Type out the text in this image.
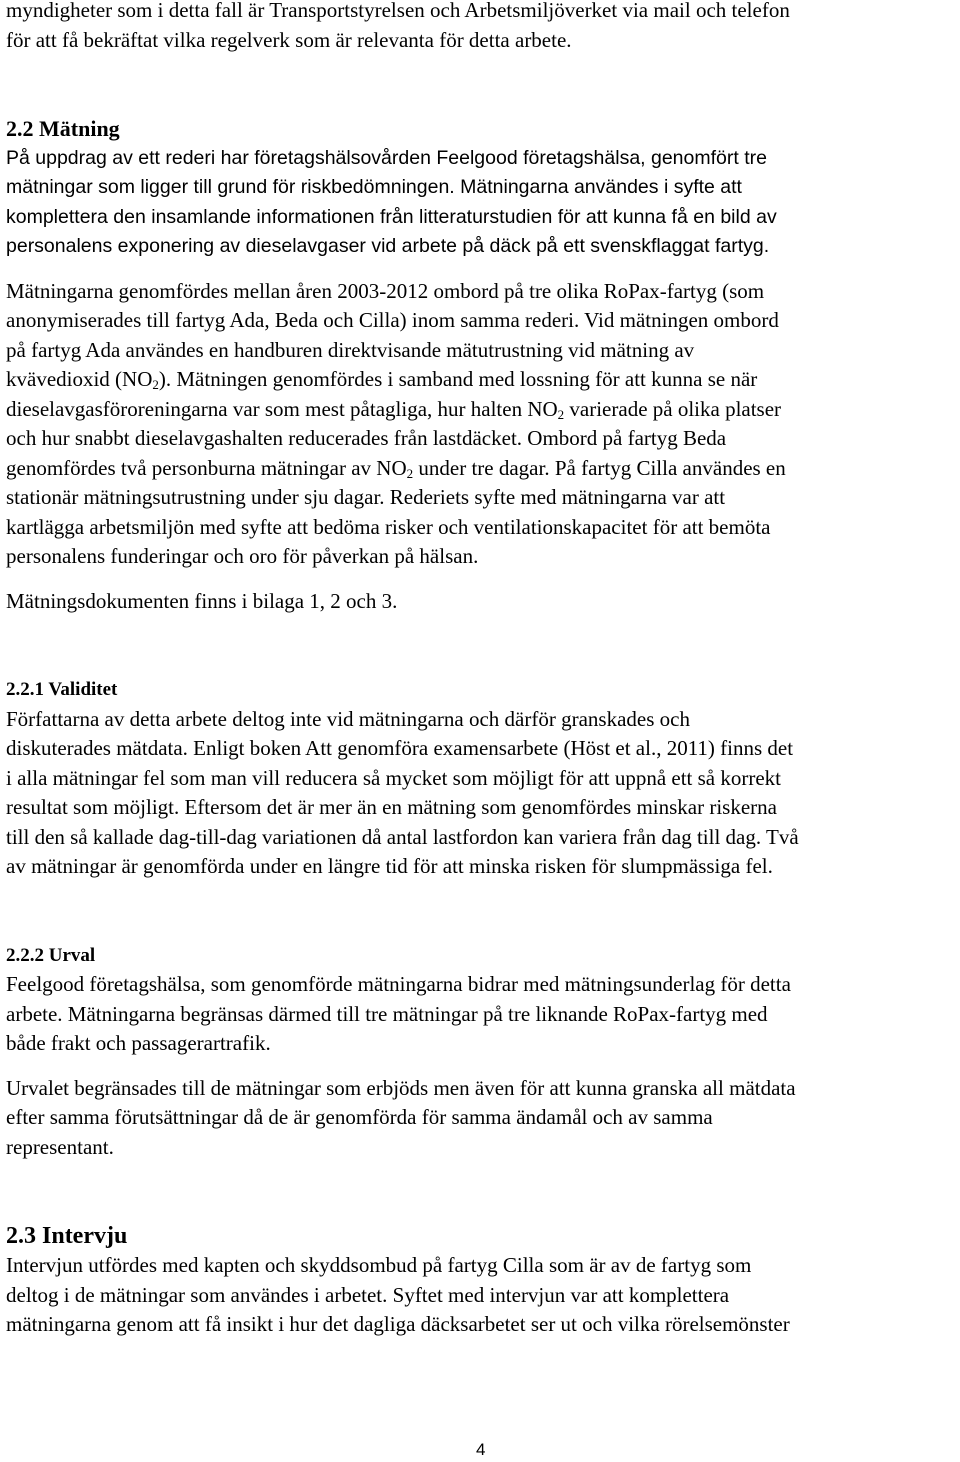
myndigheter som i detta fall är Transportstyrelsen och Arbetsmiljöverket via mail och telefon
för att få bekräftat vilka regelverk som är relevanta för detta arbete.
2.2 Mätning
På uppdrag av ett rederi har företagshälsovården Feelgood företagshälsa, genomfört tre
mätningar som ligger till grund för riskbedömningen. Mätningarna användes i syfte att
komplettera den insamlande informationen från litteraturstudien för att kunna få en bild av
personalens exponering av dieselavgaser vid arbete på däck på ett svenskflaggat fartyg.
Mätningarna genomfördes mellan åren 2003-2012 ombord på tre olika RoPax-fartyg (som
anonymiserades till fartyg Ada, Beda och Cilla) inom samma rederi. Vid mätningen ombord
på fartyg Ada användes en handburen direktvisande mätutrustning vid mätning av
kvävedioxid $(NO_2)$. Mätningen genomfördes i samband med lossning för att kunna se när
dieselavgasföroreningarna var som mest påtagliga, hur halten $NO_2$ varierade på olika platser
och hur snabbt dieselavgashalten reducerades från lastdäcket. Ombord på fartyg Beda
genomfördes två personburna mätningar av $NO_2$ under tre dagar. På fartyg Cilla användes en
stationär mätningsutrustning under sju dagar. Rederiets syfte med mätningarna var att
kartlägga arbetsmiljön med syfte att bedöma risker och ventilationskapacitet för att bemöta
personalens funderingar och oro för påverkan på hälsan.
Mätningsdokumenten finns i bilaga 1, 2 och 3.
2.2.1 Validitet
Författarna av detta arbete deltog inte vid mätningarna och därför granskades och
diskuterades mätdata. Enligt boken Att genomföra examensarbete (Höst et al., 2011) finns det
i alla mätningar fel som man vill reducera så mycket som möjligt för att uppnå ett så korrekt
resultat som möjligt. Eftersom det är mer än en mätning som genomfördes minskar riskerna
till den så kallade dag-till-dag variationen då antal lastfordon kan variera från dag till dag. Två
av mätningar är genomförda under en längre tid för att minska risken för slumpmässiga fel.
2.2.2 Urval
Feelgood företagshälsa, som genomförde mätningarna bidrar med mätningsunderlag för detta
arbete. Mätningarna begränsas därmed till tre mätningar på tre liknande RoPax-fartyg med
både frakt och passagerartrafik.
Urvalet begränsades till de mätningar som erbjöds men även för att kunna granska all mätdata
efter samma förutsättningar då de är genomförda för samma ändamål och av samma
representant.
2.3 Intervju
Intervjun utfördes med kapten och skyddsombud på fartyg Cilla som är av de fartyg som
deltog i de mätningar som användes i arbetet. Syftet med intervjun var att komplettera
mätningarna genom att få insikt i hur det dagliga däcksarbetet ser ut och vilka rörelsemönster
4
